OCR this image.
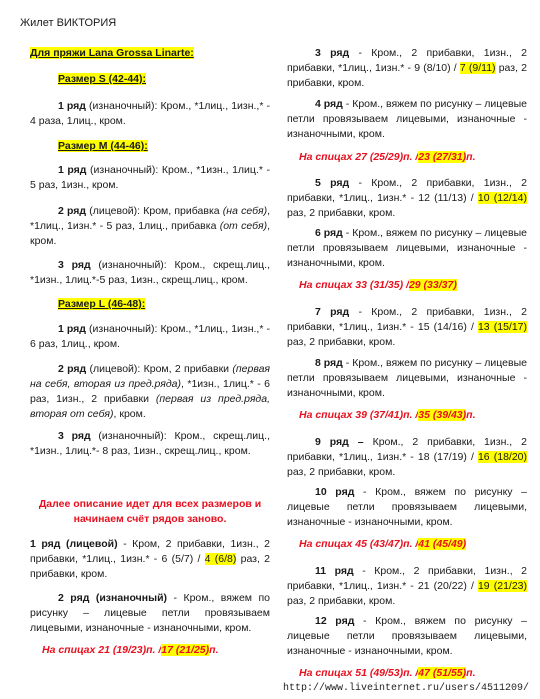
Жилет ВИКТОРИЯ
Для пряжи Lana Grossa Linarte:
Размер S (42-44):
1 ряд (изнаночный): Кром., *1лиц., 1изн.,* - 4 раза, 1лиц., кром.
Размер М (44-46):
1 ряд (изнаночный): Кром., *1изн., 1лиц.* - 5 раз, 1изн., кром.
2 ряд (лицевой): Кром, прибавка (на себя), *1лиц., 1изн.* - 5 раз, 1лиц., прибавка (от себя), кром.
3 ряд (изнаночный): Кром., скрещ.лиц., *1изн., 1лиц.*-5 раз, 1изн., скрещ.лиц., кром.
Размер L (46-48):
1 ряд (изнаночный): Кром., *1лиц., 1изн.,* - 6 раз, 1лиц., кром.
2 ряд (лицевой): Кром, 2 прибавки (первая на себя, вторая из пред.ряда), *1изн., 1лиц.* - 6 раз, 1изн., 2 прибавки (первая из пред.ряда, вторая от себя), кром.
3 ряд (изнаночный): Кром., скрещ.лиц., *1изн., 1лиц.*- 8 раз, 1изн., скрещ.лиц., кром.
Далее описание идет для всех размеров и начинаем счёт рядов заново.
1 ряд (лицевой) - Кром, 2 прибавки, 1изн., 2 прибавки, *1лиц., 1изн.* - 6 (5/7) / 4 (6/8) раз, 2 прибавки, кром.
2 ряд (изнаночный) - Кром., вяжем по рисунку – лицевые петли провязываем лицевыми, изнаночные - изнаночными, кром.
На спицах 21 (19/23)п. /17 (21/25)п.
3 ряд - Кром., 2 прибавки, 1изн., 2 прибавки, *1лиц., 1изн.* - 9 (8/10) / 7 (9/11) раз, 2 прибавки, кром.
4 ряд - Кром., вяжем по рисунку – лицевые петли провязываем лицевыми, изнаночные - изнаночными, кром.
На спицах 27 (25/29)п. /23 (27/31)п.
5 ряд - Кром., 2 прибавки, 1изн., 2 прибавки, *1лиц., 1изн.* - 12 (11/13) / 10 (12/14) раз, 2 прибавки, кром.
6 ряд - Кром., вяжем по рисунку – лицевые петли провязываем лицевыми, изнаночные - изнаночными, кром.
На спицах 33 (31/35) /29 (33/37)
7 ряд - Кром., 2 прибавки, 1изн., 2 прибавки, *1лиц., 1изн.* - 15 (14/16) / 13 (15/17) раз, 2 прибавки, кром.
8 ряд - Кром., вяжем по рисунку – лицевые петли провязываем лицевыми, изнаночные - изнаночными, кром.
На спицах 39 (37/41)п. /35 (39/43)п.
9 ряд – Кром., 2 прибавки, 1изн., 2 прибавки, *1лиц., 1изн.* - 18 (17/19) / 16 (18/20) раз, 2 прибавки, кром.
10 ряд - Кром., вяжем по рисунку – лицевые петли провязываем лицевыми, изнаночные - изнаночными, кром.
На спицах 45 (43/47)п. /41 (45/49)
11 ряд - Кром., 2 прибавки, 1изн., 2 прибавки, *1лиц., 1изн.* - 21 (20/22) / 19 (21/23) раз, 2 прибавки, кром.
12 ряд - Кром., вяжем по рисунку – лицевые петли провязываем лицевыми, изнаночные - изнаночными, кром.
На спицах 51 (49/53)п. /47 (51/55)п.
http://www.liveinternet.ru/users/4511209/
